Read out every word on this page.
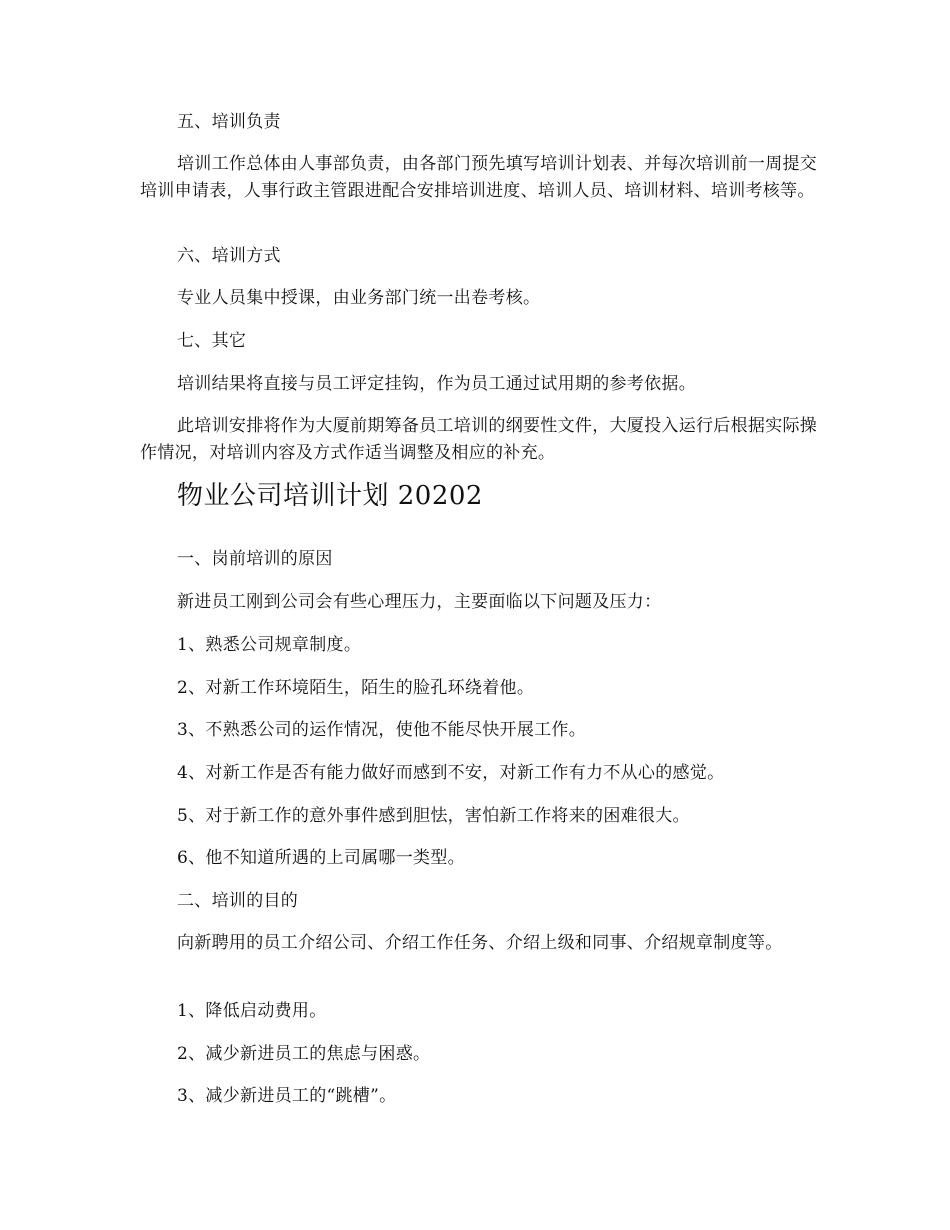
五、培训负责

培训工作总体由人事部负责，由各部门预先填写培训计划表、并每次培训前一周提交培训申请表，人事行政主管跟进配合安排培训进度、培训人员、培训材料、培训考核等。

六、培训方式

专业人员集中授课，由业务部门统一出卷考核。

七、其它

培训结果将直接与员工评定挂钩，作为员工通过试用期的参考依据。

此培训安排将作为大厦前期筹备员工培训的纲要性文件，大厦投入运行后根据实际操作情况，对培训内容及方式作适当调整及相应的补充。

物业公司培训计划 20202

一、岗前培训的原因

新进员工刚到公司会有些心理压力，主要面临以下问题及压力：

1、熟悉公司规章制度。

2、对新工作环境陌生，陌生的脸孔环绕着他。

3、不熟悉公司的运作情况，使他不能尽快开展工作。

4、对新工作是否有能力做好而感到不安，对新工作有力不从心的感觉。

5、对于新工作的意外事件感到胆怯，害怕新工作将来的困难很大。

6、他不知道所遇的上司属哪一类型。

二、培训的目的

向新聘用的员工介绍公司、介绍工作任务、介绍上级和同事、介绍规章制度等。

1、降低启动费用。

2、减少新进员工的焦虑与困惑。

3、减少新进员工的“跳槽”。
